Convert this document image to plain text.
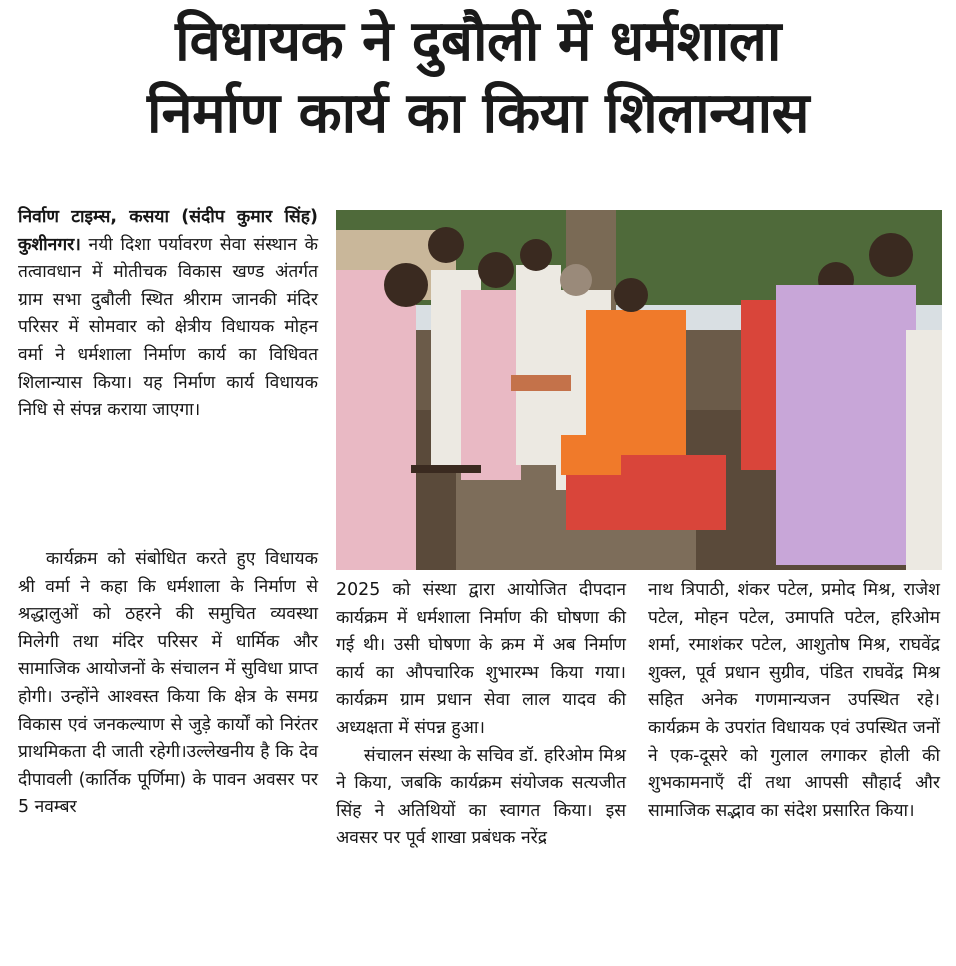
विधायक ने दुबौली में धर्मशाला
निर्माण कार्य का किया शिलान्यास

निर्वाण टाइम्स, कसया (संदीप कुमार सिंह) कुशीनगर। नयी दिशा पर्यावरण सेवा संस्थान के तत्वावधान में मोतीचक विकास खण्ड अंतर्गत ग्राम सभा दुबौली स्थित श्रीराम जानकी मंदिर परिसर में सोमवार को क्षेत्रीय विधायक मोहन वर्मा ने धर्मशाला निर्माण कार्य का विधिवत शिलान्यास किया। यह निर्माण कार्य विधायक निधि से संपन्न कराया जाएगा।

कार्यक्रम को संबोधित करते हुए विधायक श्री वर्मा ने कहा कि धर्मशाला के निर्माण से श्रद्धालुओं को ठहरने की समुचित व्यवस्था मिलेगी तथा मंदिर परिसर में धार्मिक और सामाजिक आयोजनों के संचालन में सुविधा प्राप्त होगी। उन्होंने आश्वस्त किया कि क्षेत्र के समग्र विकास एवं जनकल्याण से जुड़े कार्यों को निरंतर प्राथमिकता दी जाती रहेगी।उल्लेखनीय है कि देव दीपावली (कार्तिक पूर्णिमा) के पावन अवसर पर 5 नवम्बर

2025 को संस्था द्वारा आयोजित दीपदान कार्यक्रम में धर्मशाला निर्माण की घोषणा की गई थी। उसी घोषणा के क्रम में अब निर्माण कार्य का औपचारिक शुभारम्भ किया गया।कार्यक्रम ग्राम प्रधान सेवा लाल यादव की अध्यक्षता में संपन्न हुआ।

संचालन संस्था के सचिव डॉ. हरिओम मिश्र ने किया, जबकि कार्यक्रम संयोजक सत्यजीत सिंह ने अतिथियों का स्वागत किया। इस अवसर पर पूर्व शाखा प्रबंधक नरेंद्र

नाथ त्रिपाठी, शंकर पटेल, प्रमोद मिश्र, राजेश पटेल, मोहन पटेल, उमापति पटेल, हरिओम शर्मा, रमाशंकर पटेल, आशुतोष मिश्र, राघवेंद्र शुक्ल, पूर्व प्रधान सुग्रीव, पंडित राघवेंद्र मिश्र सहित अनेक गणमान्यजन उपस्थित रहे।कार्यक्रम के उपरांत विधायक एवं उपस्थित जनों ने एक-दूसरे को गुलाल लगाकर होली की शुभकामनाएँ दीं तथा आपसी सौहार्द और सामाजिक सद्भाव का संदेश प्रसारित किया।
